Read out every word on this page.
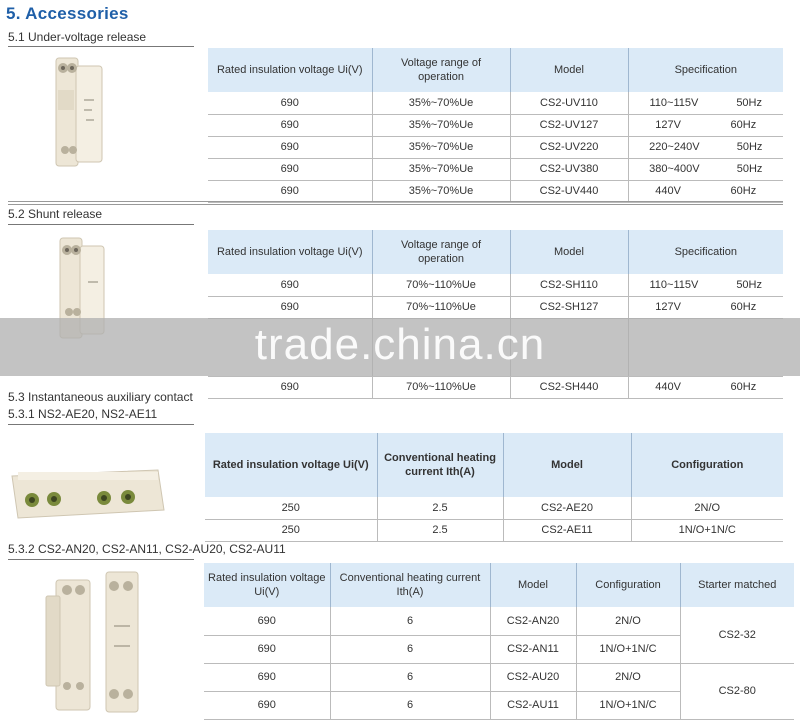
5. Accessories
5.1 Under-voltage release
Rated insulation voltage Ui(V)	Voltage range of operation	Model	Specification
690	35%~70%Ue	CS2-UV110	110~115V 50Hz

690	35%~70%Ue	CS2-UV127	127V 60Hz

690	35%~70%Ue	CS2-UV220	220~240V 50Hz

690	35%~70%Ue	CS2-UV380	380~400V 50Hz

690	35%~70%Ue	CS2-UV440	440V 60Hz
5.2 Shunt release
Rated insulation voltage Ui(V)	Voltage range of operation	Model	Specification
690	70%~110%Ue	CS2-SH110	110~115V 50Hz

690	70%~110%Ue	CS2-SH127	127V 60Hz

690	70%~110%Ue	CS2-SH440	440V 60Hz
trade.china.cn
5.3 Instantaneous auxiliary contact
5.3.1 NS2-AE20, NS2-AE11
Rated insulation voltage Ui(V)	Conventional heating current Ith(A)	Model	Configuration
250	2.5	CS2-AE20	2N/O
250	2.5	CS2-AE11	1N/O+1N/C
5.3.2 CS2-AN20, CS2-AN11, CS2-AU20, CS2-AU11
Rated insulation voltage Ui(V)	Conventional heating current Ith(A)	Model	Configuration	Starter matched
690	6	CS2-AN20	2N/O	CS2-32
690	6	CS2-AN11	1N/O+1N/C	
690	6	CS2-AU20	2N/O	CS2-80
690	6	CS2-AU11	1N/O+1N/C	
